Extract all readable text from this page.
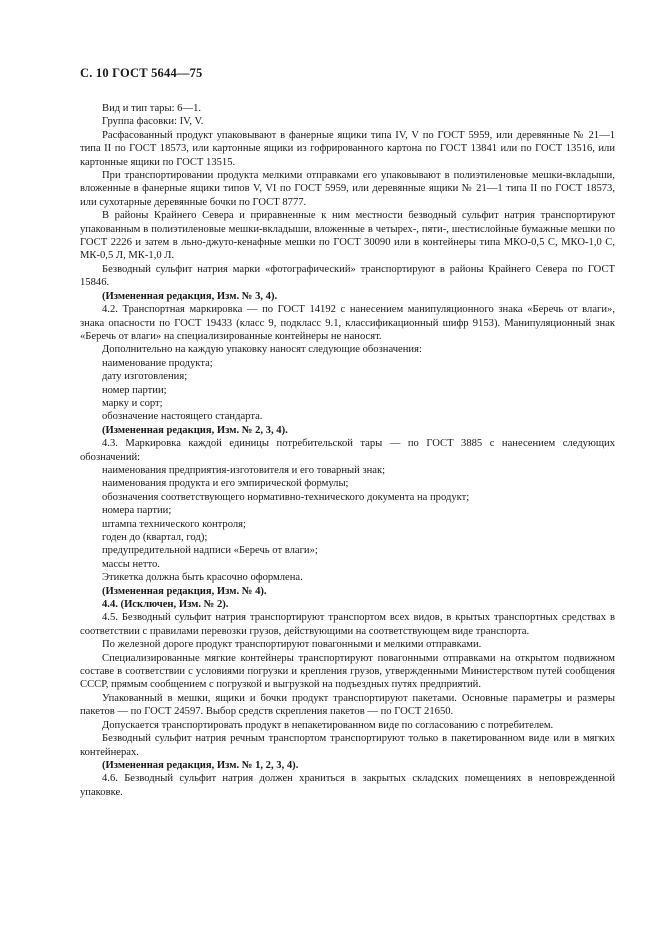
С. 10 ГОСТ 5644—75

Вид и тип тары: 6—1.

Группа фасовки: IV, V.

Расфасованный продукт упаковывают в фанерные ящики типа IV, V по ГОСТ 5959, или деревянные № 21—1 типа II по ГОСТ 18573, или картонные ящики из гофрированного картона по ГОСТ 13841 или по ГОСТ 13516, или картонные ящики по ГОСТ 13515.

При транспортировании продукта мелкими отправками его упаковывают в полиэтиленовые мешки-вкладыши, вложенные в фанерные ящики типов V, VI по ГОСТ 5959, или деревянные ящики № 21—1 типа II по ГОСТ 18573, или сухотарные деревянные бочки по ГОСТ 8777.

В районы Крайнего Севера и приравненные к ним местности безводный сульфит натрия транспортируют упакованным в полиэтиленовые мешки-вкладыши, вложенные в четырех-, пяти-, шестислойные бумажные мешки по ГОСТ 2226 и затем в льно-джуто-кенафные мешки по ГОСТ 30090 или в контейнеры типа МКО-0,5 С, МКО-1,0 С, МК-0,5 Л, МК-1,0 Л.

Безводный сульфит натрия марки «фотографический» транспортируют в районы Крайнего Севера по ГОСТ 15846.

(Измененная редакция, Изм. № 3, 4).

4.2. Транспортная маркировка — по ГОСТ 14192 с нанесением манипуляционного знака «Беречь от влаги», знака опасности по ГОСТ 19433 (класс 9, подкласс 9.1, классификационный шифр 9153). Манипуляционный знак «Беречь от влаги» на специализированные контейнеры не наносят.

Дополнительно на каждую упаковку наносят следующие обозначения:

наименование продукта;

дату изготовления;

номер партии;

марку и сорт;

обозначение настоящего стандарта.

(Измененная редакция, Изм. № 2, 3, 4).

4.3. Маркировка каждой единицы потребительской тары — по ГОСТ 3885 с нанесением следующих обозначений:

наименования предприятия-изготовителя и его товарный знак;

наименования продукта и его эмпирической формулы;

обозначения соответствующего нормативно-технического документа на продукт;

номера партии;

штампа технического контроля;

годен до (квартал, год);

предупредительной надписи «Беречь от влаги»;

массы нетто.

Этикетка должна быть красочно оформлена.

(Измененная редакция, Изм. № 4).

4.4. (Исключен, Изм. № 2).

4.5. Безводный сульфит натрия транспортируют транспортом всех видов, в крытых транспортных средствах в соответствии с правилами перевозки грузов, действующими на соответствующем виде транспорта.

По железной дороге продукт транспортируют повагонными и мелкими отправками.

Специализированные мягкие контейнеры транспортируют повагонными отправками на открытом подвижном составе в соответствии с условиями погрузки и крепления грузов, утвержденными Министерством путей сообщения СССР, прямым сообщением с погрузкой и выгрузкой на подъездных путях предприятий.

Упакованный в мешки, ящики и бочки продукт транспортируют пакетами. Основные параметры и размеры пакетов — по ГОСТ 24597. Выбор средств скрепления пакетов — по ГОСТ 21650.

Допускается транспортировать продукт в непакетированном виде по согласованию с потребителем.

Безводный сульфит натрия речным транспортом транспортируют только в пакетированном виде или в мягких контейнерах.

(Измененная редакция, Изм. № 1, 2, 3, 4).

4.6. Безводный сульфит натрия должен храниться в закрытых складских помещениях в неповрежденной упаковке.
